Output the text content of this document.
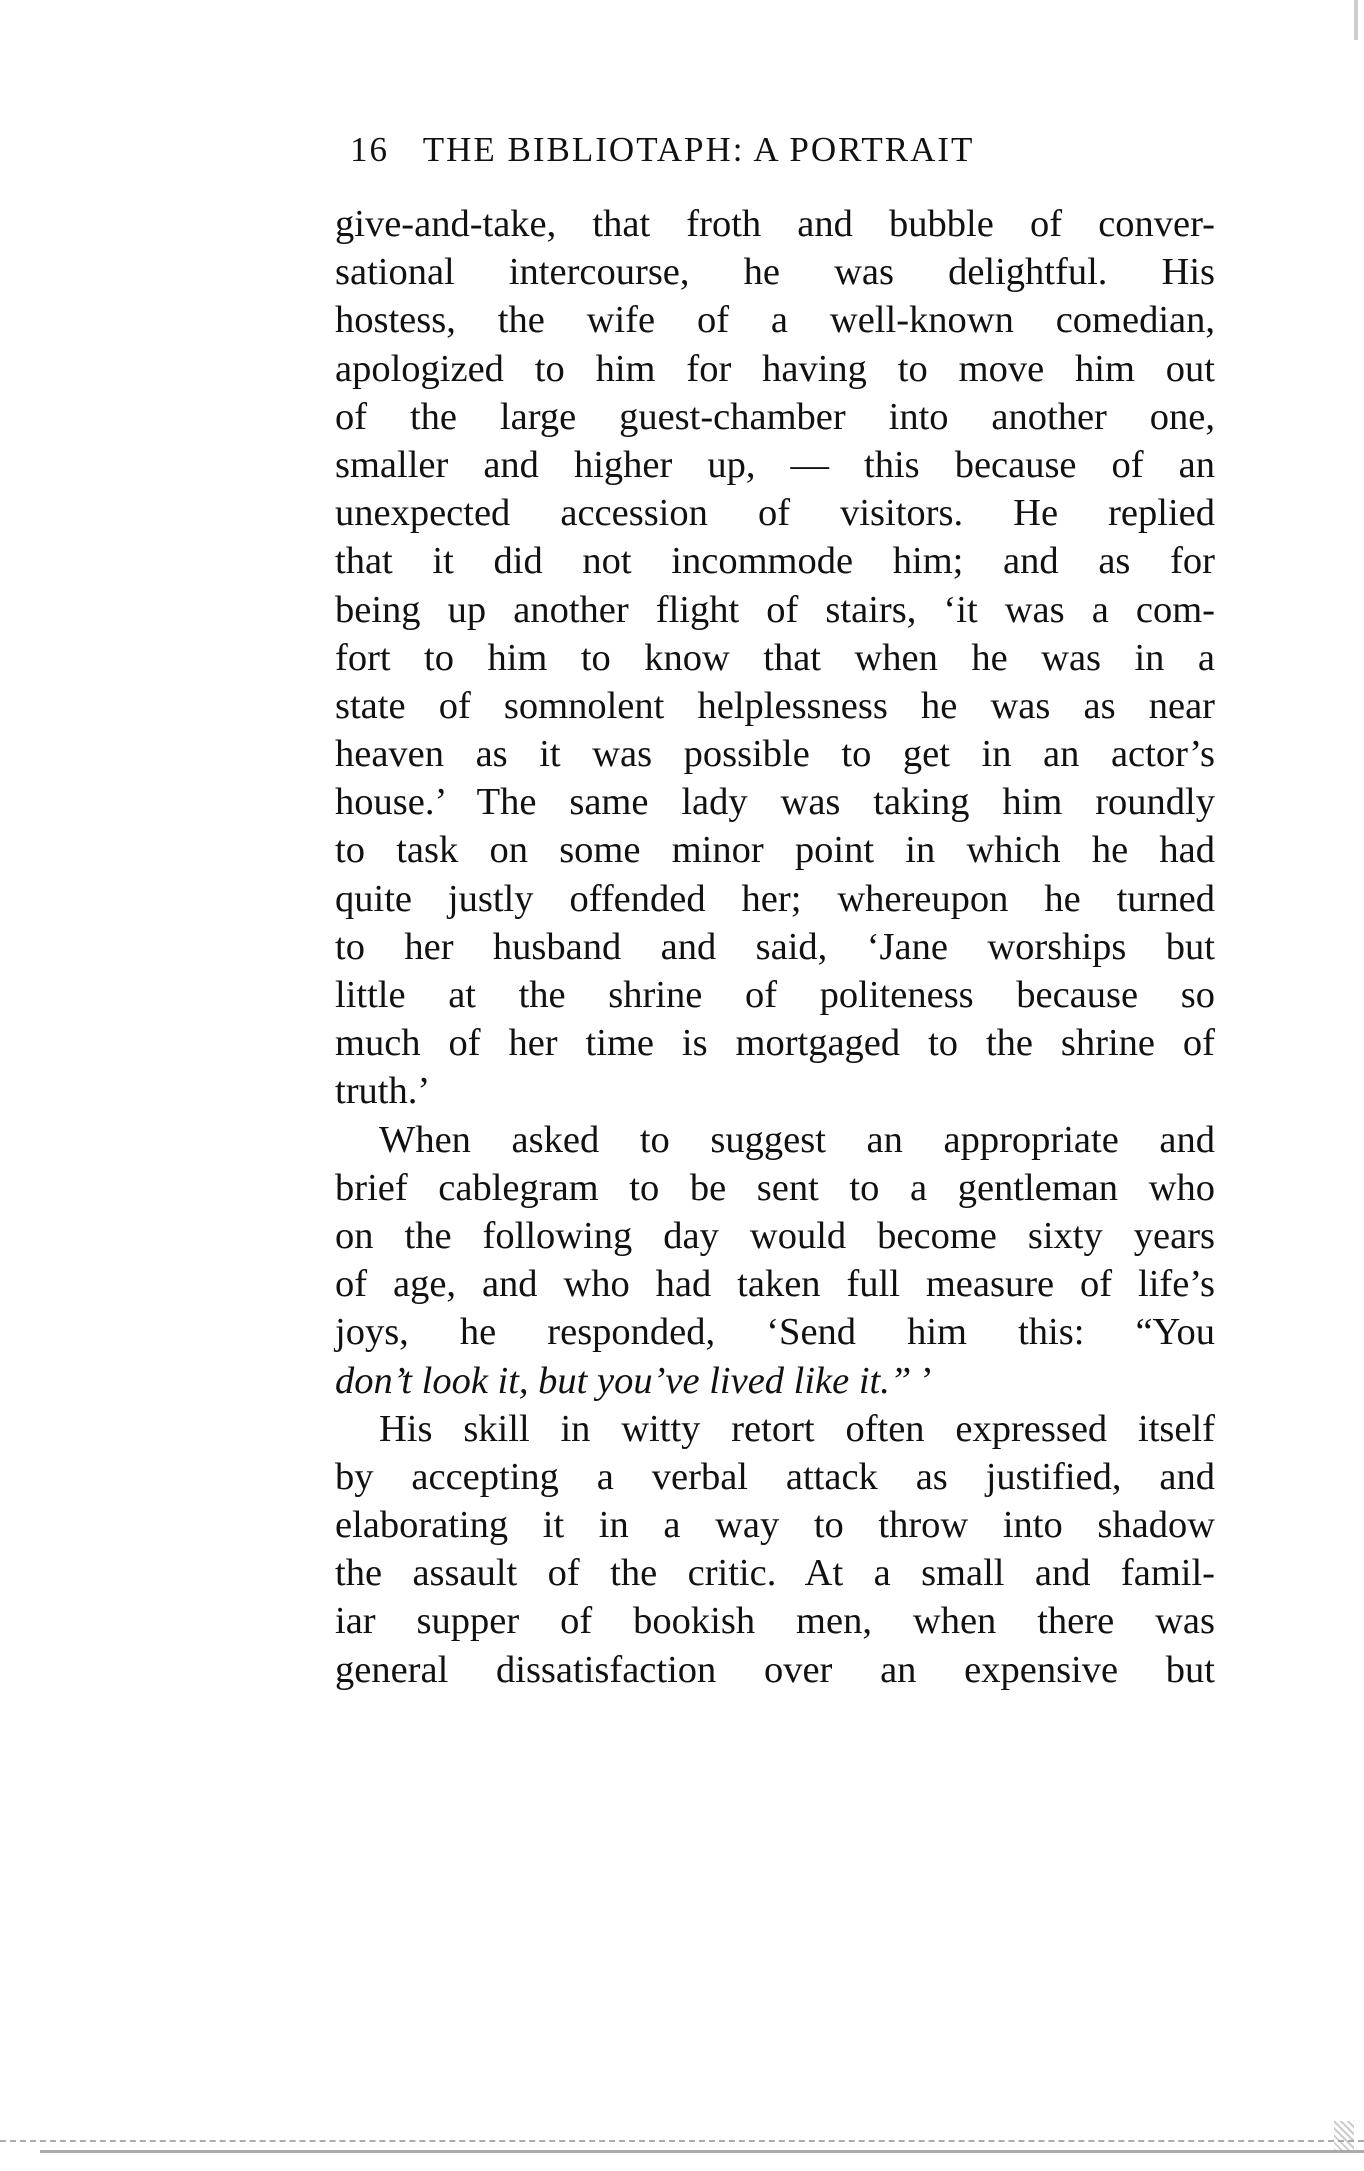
16 THE BIBLIOTAPH: A PORTRAIT
give-and-take, that froth and bubble of conver-
sational intercourse, he was delightful. His
hostess, the wife of a well-known comedian,
apologized to him for having to move him out
of the large guest-chamber into another one,
smaller and higher up, — this because of an
unexpected accession of visitors. He replied
that it did not incommode him; and as for
being up another flight of stairs, ‘it was a com-
fort to him to know that when he was in a
state of somnolent helplessness he was as near
heaven as it was possible to get in an actor’s
house.’ The same lady was taking him roundly
to task on some minor point in which he had
quite justly offended her; whereupon he turned
to her husband and said, ‘Jane worships but
little at the shrine of politeness because so
much of her time is mortgaged to the shrine of
truth.’
When asked to suggest an appropriate and
brief cablegram to be sent to a gentleman who
on the following day would become sixty years
of age, and who had taken full measure of life’s
joys, he responded, ‘Send him this: “You
don’t look it, but you’ve lived like it.” ’
His skill in witty retort often expressed itself
by accepting a verbal attack as justified, and
elaborating it in a way to throw into shadow
the assault of the critic. At a small and famil-
iar supper of bookish men, when there was
general dissatisfaction over an expensive but
